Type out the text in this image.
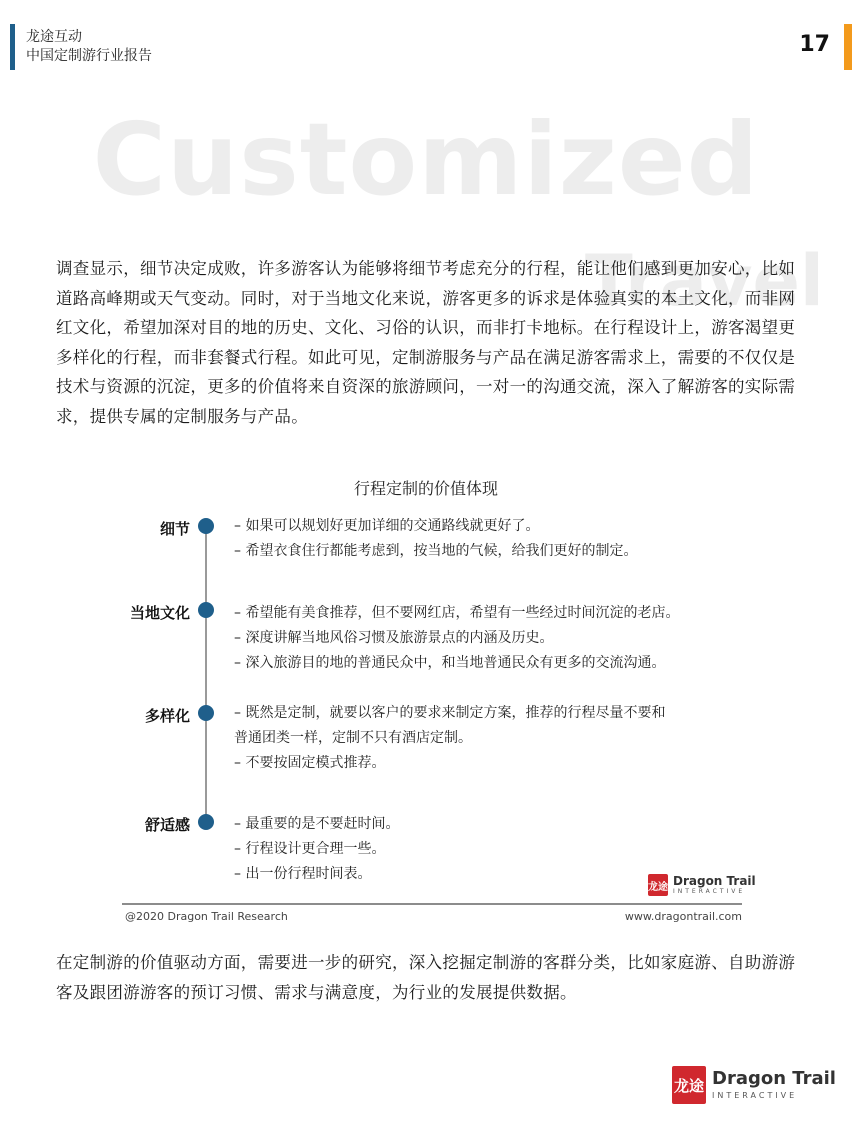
龙途互动
中国定制游行业报告	17
Customized
Travel
调查显示，细节决定成败，许多游客认为能够将细节考虑充分的行程，能让他们感到更加安心，比如道路高峰期或天气变动。同时，对于当地文化来说，游客更多的诉求是体验真实的本土文化，而非网红文化，希望加深对目的地的历史、文化、习俗的认识，而非打卡地标。在行程设计上，游客渴望更多样化的行程，而非套餐式行程。如此可见，定制游服务与产品在满足游客需求上，需要的不仅仅是技术与资源的沉淀，更多的价值将来自资深的旅游顾问，一对一的沟通交流，深入了解游客的实际需求，提供专属的定制服务与产品。
行程定制的价值体现
细节	– 如果可以规划好更加详细的交通路线就更好了。
– 希望衣食住行都能考虑到，按当地的气候，给我们更好的制定。
当地文化	– 希望能有美食推荐，但不要网红店，希望有一些经过时间沉淀的老店。
– 深度讲解当地风俗习惯及旅游景点的内涵及历史。
– 深入旅游目的地的普通民众中，和当地普通民众有更多的交流沟通。
多样化	– 既然是定制，就要以客户的要求来制定方案，推荐的行程尽量不要和
普通团类一样，定制不只有酒店定制。
– 不要按固定模式推荐。
舒适感	– 最重要的是不要赶时间。
– 行程设计更合理一些。
– 出一份行程时间表。
龙途 Dragon Trail
INTERACTIVE
@2020 Dragon Trail Research	www.dragontrail.com
在定制游的价值驱动方面，需要进一步的研究，深入挖掘定制游的客群分类，比如家庭游、自助游游客及跟团游游客的预订习惯、需求与满意度，为行业的发展提供数据。
龙途 Dragon Trail
INTERACTIVE
